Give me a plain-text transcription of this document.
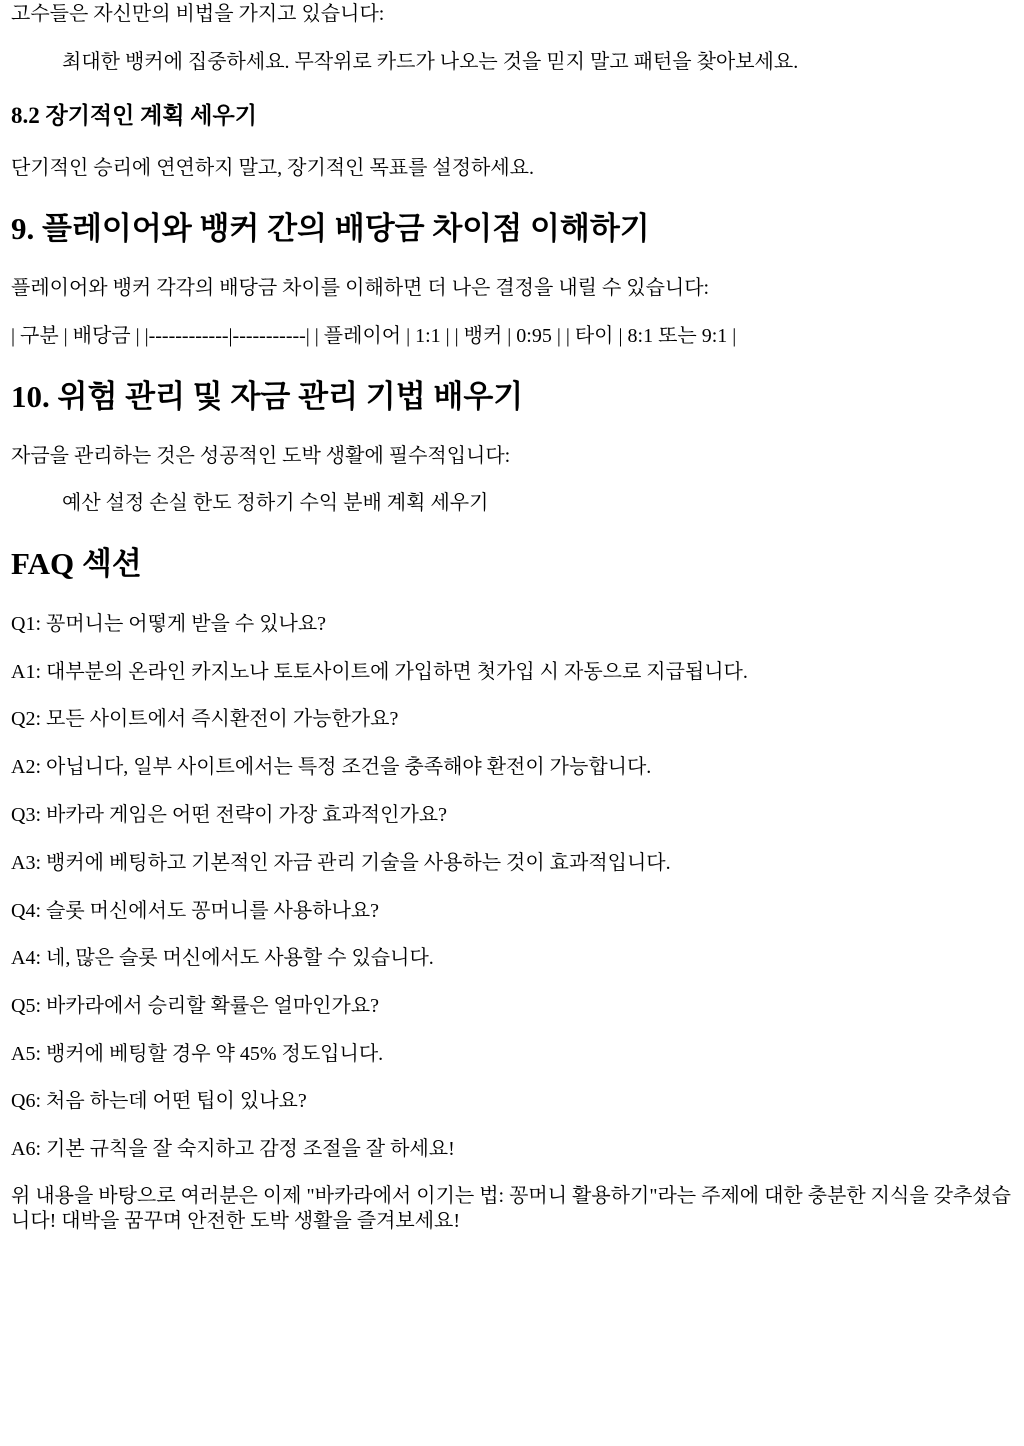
고수들은 자신만의 비법을 가지고 있습니다:

최대한 뱅커에 집중하세요. 무작위로 카드가 나오는 것을 믿지 말고 패턴을 찾아보세요.

8.2 장기적인 계획 세우기

단기적인 승리에 연연하지 말고, 장기적인 목표를 설정하세요.

9. 플레이어와 뱅커 간의 배당금 차이점 이해하기

플레이어와 뱅커 각각의 배당금 차이를 이해하면 더 나은 결정을 내릴 수 있습니다:

| 구분 | 배당금 | |------------|-----------| | 플레이어 | 1:1 | | 뱅커 | 0:95 | | 타이 | 8:1 또는 9:1 |

10. 위험 관리 및 자금 관리 기법 배우기

자금을 관리하는 것은 성공적인 도박 생활에 필수적입니다:

예산 설정 손실 한도 정하기 수익 분배 계획 세우기

FAQ 섹션

Q1: 꽁머니는 어떻게 받을 수 있나요?

A1: 대부분의 온라인 카지노나 토토사이트에 가입하면 첫가입 시 자동으로 지급됩니다.

Q2: 모든 사이트에서 즉시환전이 가능한가요?

A2: 아닙니다, 일부 사이트에서는 특정 조건을 충족해야 환전이 가능합니다.

Q3: 바카라 게임은 어떤 전략이 가장 효과적인가요?

A3: 뱅커에 베팅하고 기본적인 자금 관리 기술을 사용하는 것이 효과적입니다.

Q4: 슬롯 머신에서도 꽁머니를 사용하나요?

A4: 네, 많은 슬롯 머신에서도 사용할 수 있습니다.

Q5: 바카라에서 승리할 확률은 얼마인가요?

A5: 뱅커에 베팅할 경우 약 45% 정도입니다.

Q6: 처음 하는데 어떤 팁이 있나요?

A6: 기본 규칙을 잘 숙지하고 감정 조절을 잘 하세요!

위 내용을 바탕으로 여러분은 이제 "바카라에서 이기는 법: 꽁머니 활용하기"라는 주제에 대한 충분한 지식을 갖추셨습니다! 대박을 꿈꾸며 안전한 도박 생활을 즐겨보세요!
